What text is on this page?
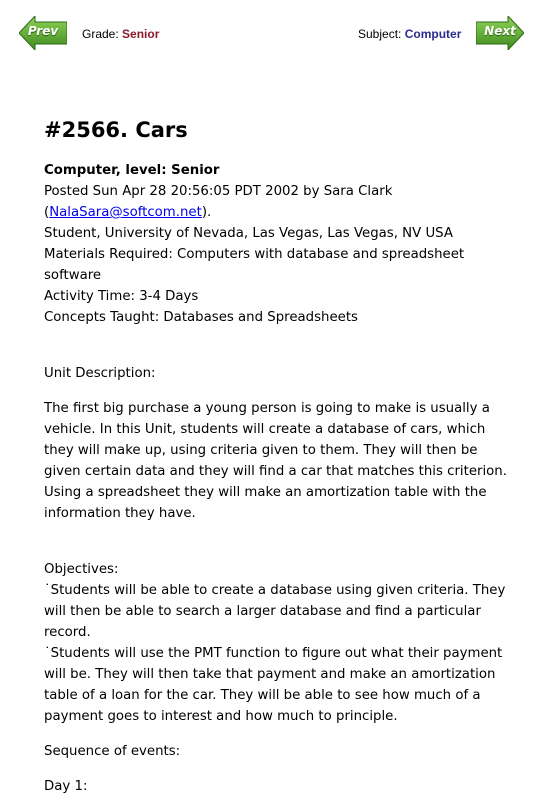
Prev	Grade: Senior	Subject: Computer	Next
#2566. Cars
Computer, level: Senior
Posted Sun Apr 28 20:56:05 PDT 2002 by Sara Clark
(NalaSara@softcom.net).
Student, University of Nevada, Las Vegas, Las Vegas, NV USA
Materials Required: Computers with database and spreadsheet software
Activity Time: 3-4 Days
Concepts Taught: Databases and Spreadsheets

Unit Description:

The first big purchase a young person is going to make is usually a vehicle. In this Unit, students will create a database of cars, which they will make up, using criteria given to them. They will then be given certain data and they will find a car that matches this criterion. Using a spreadsheet they will make an amortization table with the information they have.

Objectives:

˙Students will be able to create a database using given criteria. They will then be able to search a larger database and find a particular record.

˙Students will use the PMT function to figure out what their payment will be. They will then take that payment and make an amortization table of a loan for the car. They will be able to see how much of a payment goes to interest and how much to principle.

Sequence of events:

Day 1:
